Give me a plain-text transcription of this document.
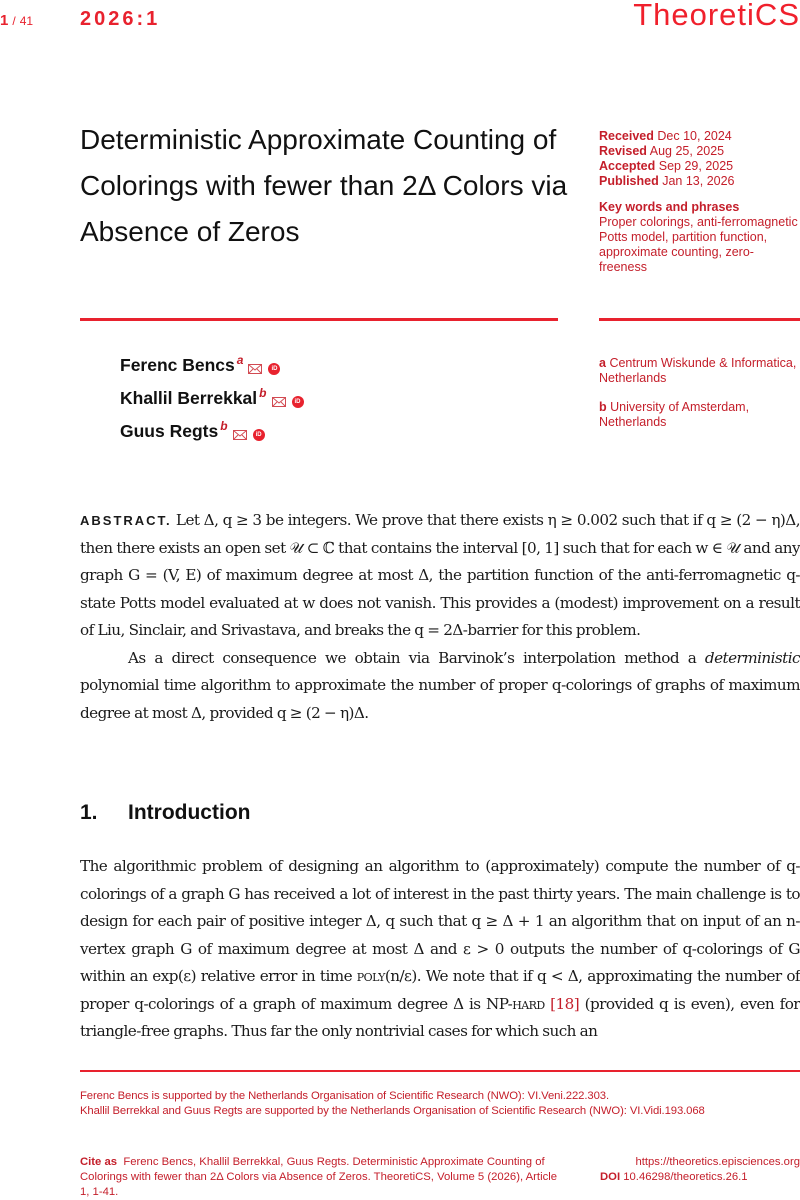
1 / 41 2026:1	TheoretiCS
Deterministic Approximate Counting of Colorings with fewer than 2Δ Colors via Absence of Zeros
Received Dec 10, 2024
Revised Aug 25, 2025
Accepted Sep 29, 2025
Published Jan 13, 2026
Key words and phrases
Proper colorings, anti-ferromagnetic Potts model, partition function, approximate counting, zero-freeness
Ferenc Bencs$^a$
iD
Khallil Berrekkal$^b$
iD
Guus Regts$^b$
iD
a Centrum Wiskunde & Informatica, Netherlands
b University of Amsterdam, Netherlands

ABSTRACT. Let Δ, q ≥ 3 be integers. We prove that there exists η ≥ 0.002 such that if q ≥ (2 − η)Δ, then there exists an open set 𝒰 ⊂ ℂ that contains the interval [0, 1] such that for each w ∈ 𝒰 and any graph G = (V, E) of maximum degree at most Δ, the partition function of the anti-ferromagnetic q-state Potts model evaluated at w does not vanish. This provides a (modest) improvement on a result of Liu, Sinclair, and Srivastava, and breaks the q = 2Δ-barrier for this problem.

As a direct consequence we obtain via Barvinok’s interpolation method a deterministic polynomial time algorithm to approximate the number of proper q-colorings of graphs of maximum degree at most Δ, provided q ≥ (2 − η)Δ.

1. Introduction

The algorithmic problem of designing an algorithm to (approximately) compute the number of q-colorings of a graph G has received a lot of interest in the past thirty years. The main challenge is to design for each pair of positive integer Δ, q such that q ≥ Δ + 1 an algorithm that on input of an n-vertex graph G of maximum degree at most Δ and ε > 0 outputs the number of q-colorings of G within an exp(ε) relative error in time poly(n/ε). We note that if q < Δ, approximating the number of proper q-colorings of a graph of maximum degree Δ is NP-hard [18] (provided q is even), even for triangle-free graphs. Thus far the only nontrivial cases for which such an

Ferenc Bencs is supported by the Netherlands Organisation of Scientific Research (NWO): VI.Veni.222.303.
Khallil Berrekkal and Guus Regts are supported by the Netherlands Organisation of Scientific Research (NWO): VI.Vidi.193.068
Cite as Ferenc Bencs, Khallil Berrekkal, Guus Regts. Deterministic Approximate Counting of Colorings with fewer than 2Δ Colors via Absence of Zeros. TheoretiCS, Volume 5 (2026), Article 1, 1-41.
https://theoretics.episciences.org
DOI 10.46298/theoretics.26.1
